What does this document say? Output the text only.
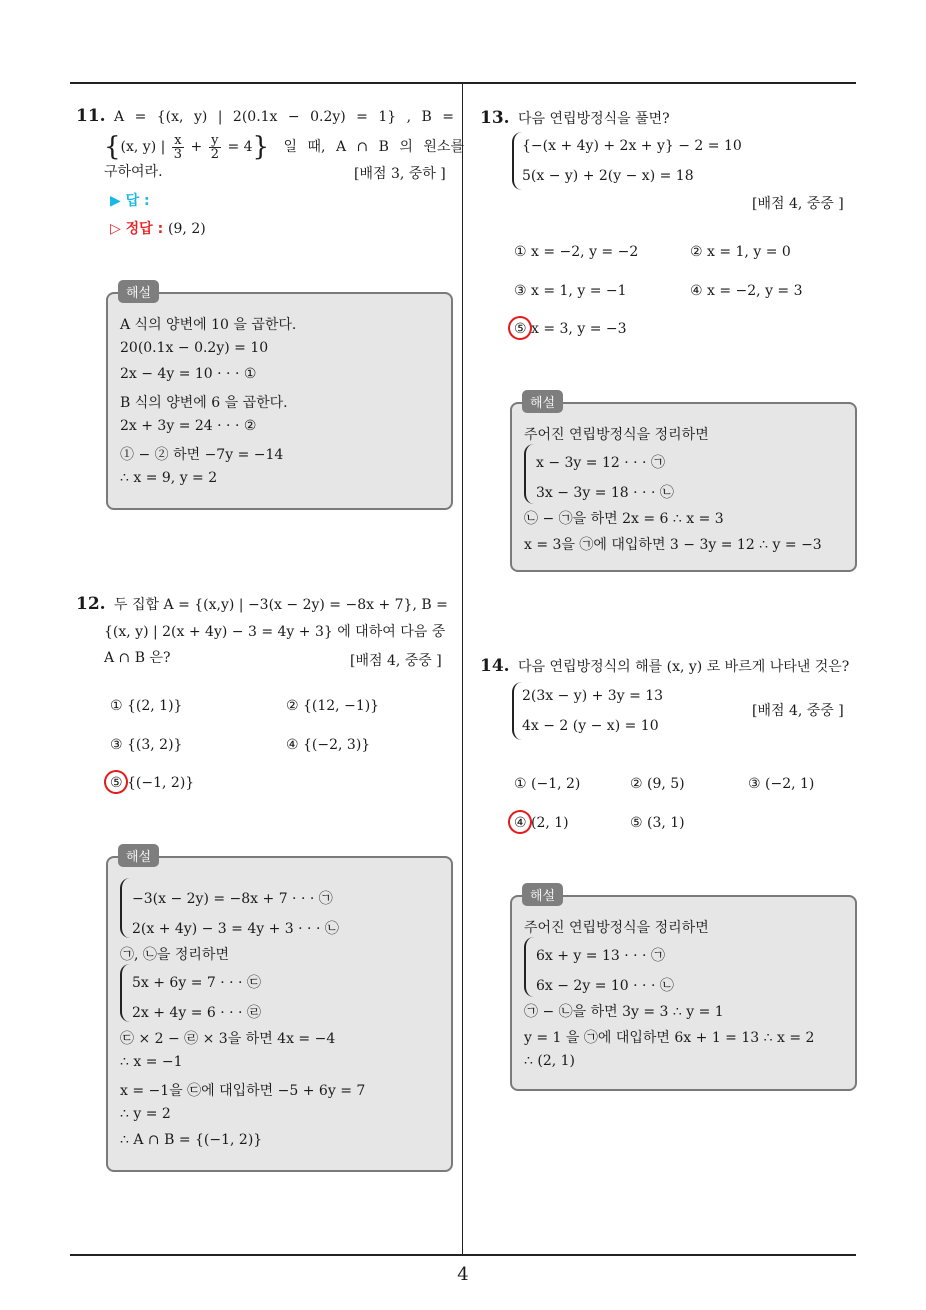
4
11. A = {(x, y) | 2(0.1x − 0.2y) = 1} , B =
{(x, y) | $\frac{x}{3} + \frac{y}{2} = 4$} 일 때, A ∩ B 의 원소를
구하여라.	[배점 3, 중하 ]
▶ 답 :
▷ 정답 : (9, 2)
A 식의 양변에 10 을 곱한다.
20(0.1x − 0.2y) = 10
2x − 4y = 10 · · · ①
B 식의 양변에 6 을 곱한다.
2x + 3y = 24 · · · ②
① − ② 하면 −7y = −14
∴ x = 9, y = 2
해설
12. 두 집합 A = {(x,y) | −3(x − 2y) = −8x + 7}, B =
{(x, y) | 2(x + 4y) − 3 = 4y + 3} 에 대하여 다음 중
A ∩ B 은?	[배점 4, 중중 ]
① {(2, 1)}	② {(12, −1)}
③ {(3, 2)}	④ {(−2, 3)}
⑤ {(−1, 2)}
−3(x − 2y) = −8x + 7 · · · ㉠
2(x + 4y) − 3 = 4y + 3 · · · ㉡
㉠, ㉡을 정리하면
5x + 6y = 7 · · · ㉢
2x + 4y = 6 · · · ㉣
㉢ × 2 − ㉣ × 3을 하면 4x = −4
∴ x = −1
x = −1을 ㉢에 대입하면 −5 + 6y = 7
∴ y = 2
∴ A ∩ B = {(−1, 2)}
해설
13. 다음 연립방정식을 풀면?
{−(x + 4y) + 2x + y} − 2 = 10
5(x − y) + 2(y − x) = 18
[배점 4, 중중 ]
① x = −2, y = −2	② x = 1, y = 0
③ x = 1, y = −1	④ x = −2, y = 3
⑤ x = 3, y = −3
주어진 연립방정식을 정리하면
x − 3y = 12 · · · ㉠
3x − 3y = 18 · · · ㉡
㉡ − ㉠을 하면 2x = 6 ∴ x = 3
x = 3을 ㉠에 대입하면 3 − 3y = 12 ∴ y = −3
해설
14. 다음 연립방정식의 해를 (x, y) 로 바르게 나타낸 것은?
2(3x − y) + 3y = 13
4x − 2 (y − x) = 10
[배점 4, 중중 ]
① (−1, 2)	② (9, 5)	③ (−2, 1)
④ (2, 1)	⑤ (3, 1)
주어진 연립방정식을 정리하면
6x + y = 13 · · · ㉠
6x − 2y = 10 · · · ㉡
㉠ − ㉡을 하면 3y = 3 ∴ y = 1
y = 1 을 ㉠에 대입하면 6x + 1 = 13 ∴ x = 2
∴ (2, 1)
해설
